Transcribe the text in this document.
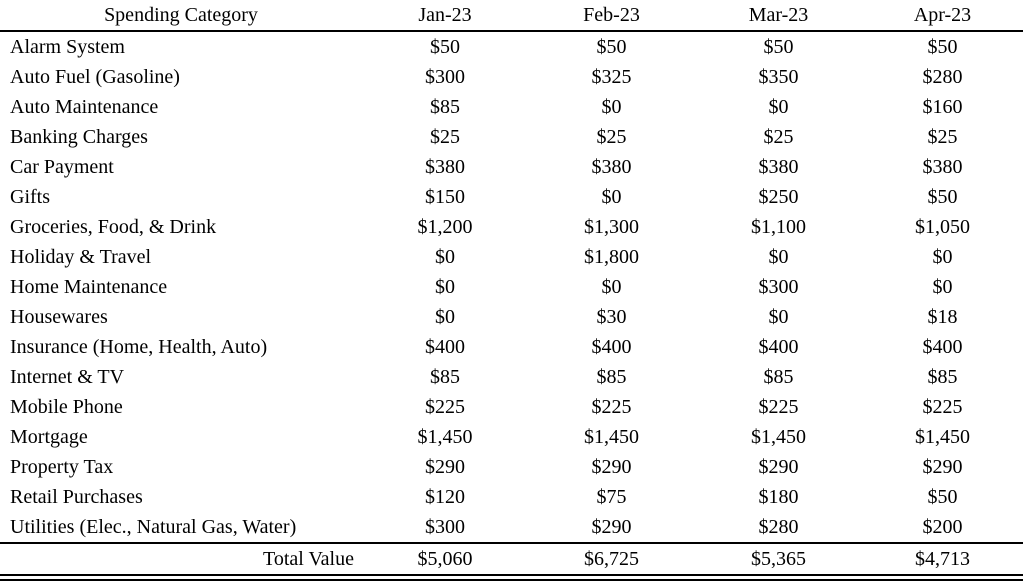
Spending Category	Jan-23	Feb-23	Mar-23	Apr-23
Alarm System	$50	$50	$50	$50
Auto Fuel (Gasoline)	$300	$325	$350	$280
Auto Maintenance	$85	$0	$0	$160
Banking Charges	$25	$25	$25	$25
Car Payment	$380	$380	$380	$380
Gifts	$150	$0	$250	$50
Groceries, Food, & Drink	$1,200	$1,300	$1,100	$1,050
Holiday & Travel	$0	$1,800	$0	$0
Home Maintenance	$0	$0	$300	$0
Housewares	$0	$30	$0	$18
Insurance (Home, Health, Auto)	$400	$400	$400	$400
Internet & TV	$85	$85	$85	$85
Mobile Phone	$225	$225	$225	$225
Mortgage	$1,450	$1,450	$1,450	$1,450
Property Tax	$290	$290	$290	$290
Retail Purchases	$120	$75	$180	$50
Utilities (Elec., Natural Gas, Water)	$300	$290	$280	$200
Total Value	$5,060	$6,725	$5,365	$4,713
